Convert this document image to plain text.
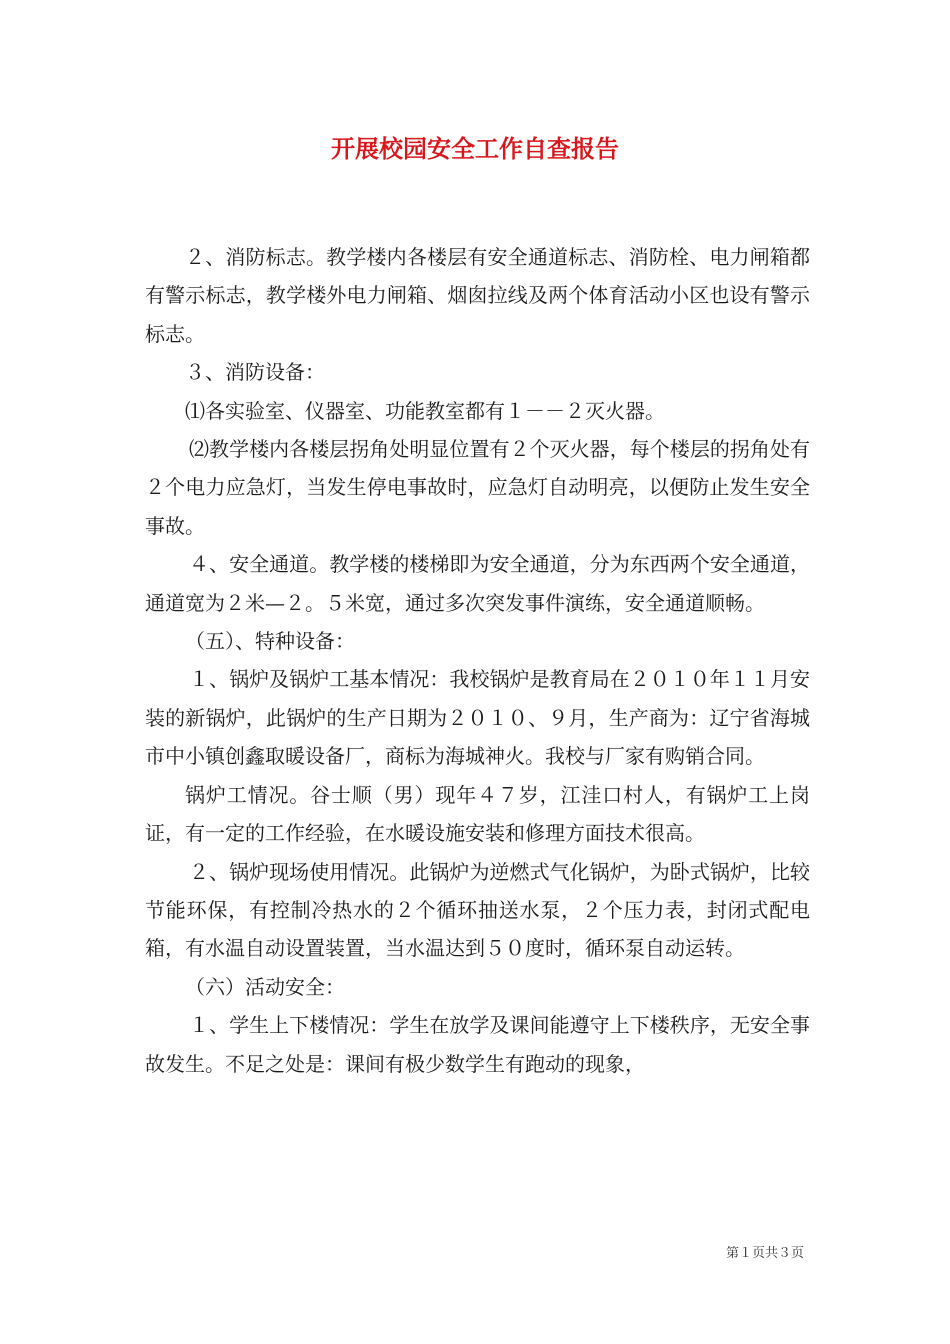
开展校园安全工作自查报告

２、消防标志。教学楼内各楼层有安全通道标志、消防栓、电力闸箱都有警示标志，教学楼外电力闸箱、烟囱拉线及两个体育活动小区也设有警示标志。

３、消防设备：

⑴各实验室、仪器室、功能教室都有１－－２灭火器。

⑵教学楼内各楼层拐角处明显位置有２个灭火器，每个楼层的拐角处有２个电力应急灯，当发生停电事故时，应急灯自动明亮，以便防止发生安全事故。

４、安全通道。教学楼的楼梯即为安全通道，分为东西两个安全通道，通道宽为２米—２。５米宽，通过多次突发事件演练，安全通道顺畅。

（五）、特种设备：

１、锅炉及锅炉工基本情况：我校锅炉是教育局在２０１０年１１月安装的新锅炉，此锅炉的生产日期为２０１０、９月，生产商为：辽宁省海城市中小镇创鑫取暖设备厂，商标为海城神火。我校与厂家有购销合同。

锅炉工情况。谷士顺（男）现年４７岁，江洼口村人，有锅炉工上岗证，有一定的工作经验，在水暖设施安装和修理方面技术很高。

２、锅炉现场使用情况。此锅炉为逆燃式气化锅炉，为卧式锅炉，比较节能环保，有控制冷热水的２个循环抽送水泵，２个压力表，封闭式配电箱，有水温自动设置装置，当水温达到５０度时，循环泵自动运转。

（六）活动安全：

１、学生上下楼情况：学生在放学及课间能遵守上下楼秩序，无安全事故发生。不足之处是：课间有极少数学生有跑动的现象，

第１页共３页
